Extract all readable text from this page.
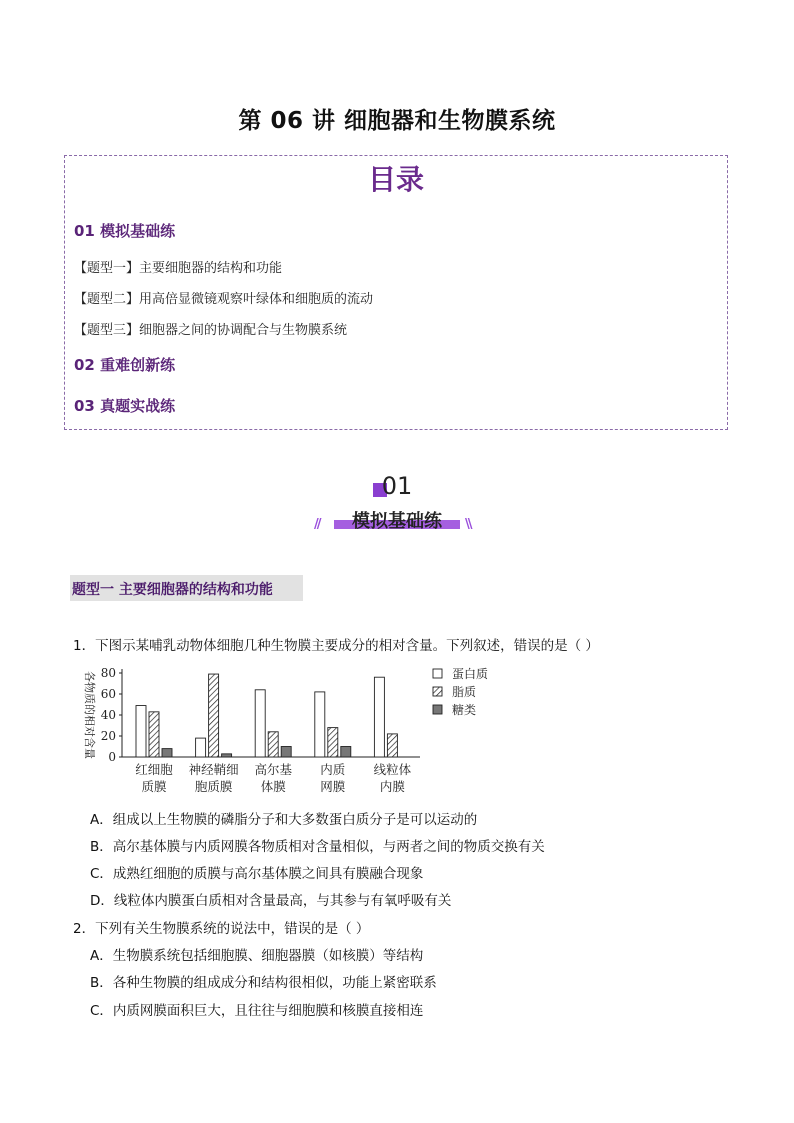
第 06 讲 细胞器和生物膜系统
目录
01 模拟基础练
【题型一】主要细胞器的结构和功能
【题型二】用高倍显微镜观察叶绿体和细胞质的流动
【题型三】细胞器之间的协调配合与生物膜系统
02 重难创新练
03 真题实战练
01
模拟基础练
//	\\
题型一 主要细胞器的结构和功能
1．下图示某哺乳动物体细胞几种生物膜主要成分的相对含量。下列叙述，错误的是（ ）
0
20
40
60
80
各物质的相对含量
红细胞
质膜
神经鞘细
胞质膜
高尔基
体膜
内质
网膜
线粒体
内膜
蛋白质
脂质
糖类
A．组成以上生物膜的磷脂分子和大多数蛋白质分子是可以运动的
B．高尔基体膜与内质网膜各物质相对含量相似，与两者之间的物质交换有关
C．成熟红细胞的质膜与高尔基体膜之间具有膜融合现象
D．线粒体内膜蛋白质相对含量最高，与其参与有氧呼吸有关
2．下列有关生物膜系统的说法中，错误的是（ ）
A．生物膜系统包括细胞膜、细胞器膜（如核膜）等结构
B．各种生物膜的组成成分和结构很相似，功能上紧密联系
C．内质网膜面积巨大，且往往与细胞膜和核膜直接相连
